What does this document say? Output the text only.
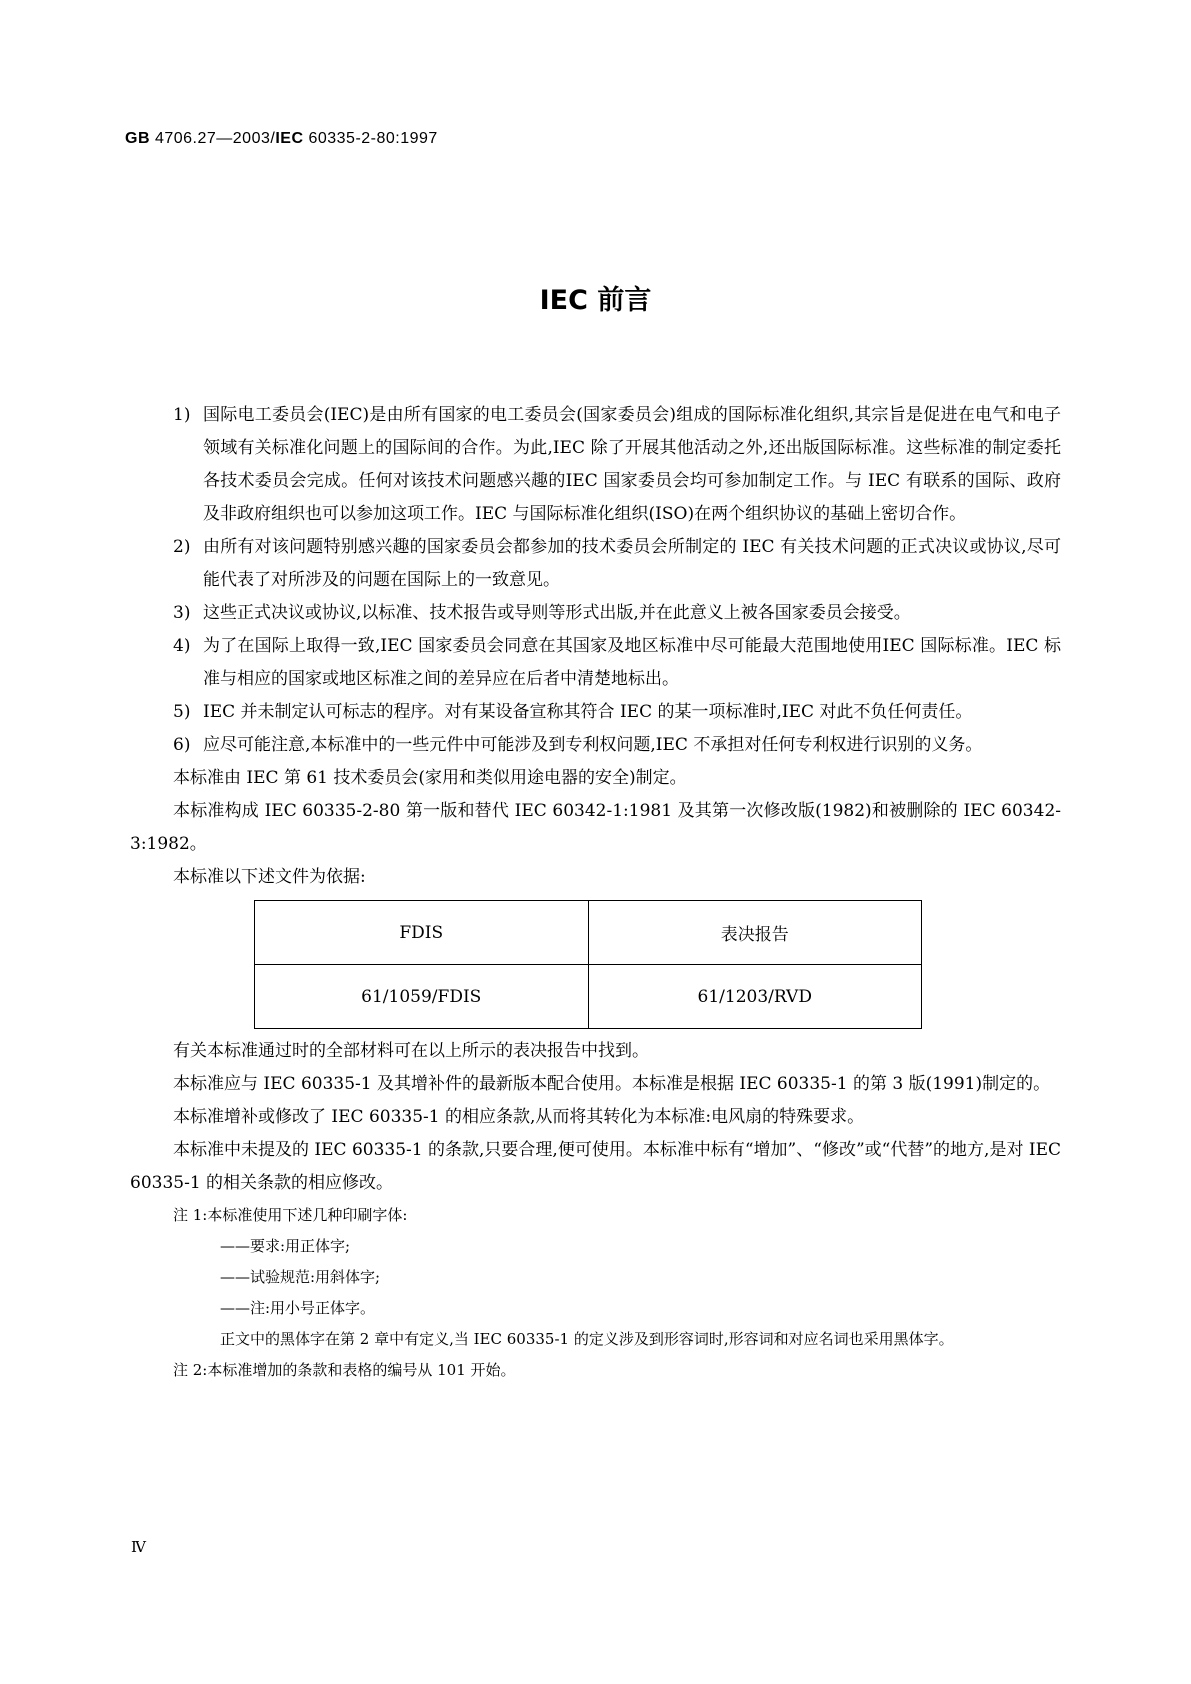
GB 4706.27—2003/IEC 60335-2-80:1997
IEC 前言
1) 国际电工委员会(IEC)是由所有国家的电工委员会(国家委员会)组成的国际标准化组织,其宗旨是促进在电气和电子领域有关标准化问题上的国际间的合作。为此,IEC 除了开展其他活动之外,还出版国际标准。这些标准的制定委托各技术委员会完成。任何对该技术问题感兴趣的IEC 国家委员会均可参加制定工作。与 IEC 有联系的国际、政府及非政府组织也可以参加这项工作。IEC 与国际标准化组织(ISO)在两个组织协议的基础上密切合作。
2) 由所有对该问题特别感兴趣的国家委员会都参加的技术委员会所制定的 IEC 有关技术问题的正式决议或协议,尽可能代表了对所涉及的问题在国际上的一致意见。
3) 这些正式决议或协议,以标准、技术报告或导则等形式出版,并在此意义上被各国家委员会接受。
4) 为了在国际上取得一致,IEC 国家委员会同意在其国家及地区标准中尽可能最大范围地使用IEC 国际标准。IEC 标准与相应的国家或地区标准之间的差异应在后者中清楚地标出。
5) IEC 并未制定认可标志的程序。对有某设备宣称其符合 IEC 的某一项标准时,IEC 对此不负任何责任。
6) 应尽可能注意,本标准中的一些元件中可能涉及到专利权问题,IEC 不承担对任何专利权进行识别的义务。
本标准由 IEC 第 61 技术委员会(家用和类似用途电器的安全)制定。
本标准构成 IEC 60335-2-80 第一版和替代 IEC 60342-1:1981 及其第一次修改版(1982)和被删除的 IEC 60342-3:1982。
本标准以下述文件为依据:
FDIS	表决报告
61/1059/FDIS	61/1203/RVD
有关本标准通过时的全部材料可在以上所示的表决报告中找到。
本标准应与 IEC 60335-1 及其增补件的最新版本配合使用。本标准是根据 IEC 60335-1 的第 3 版(1991)制定的。
本标准增补或修改了 IEC 60335-1 的相应条款,从而将其转化为本标准:电风扇的特殊要求。
本标准中未提及的 IEC 60335-1 的条款,只要合理,便可使用。本标准中标有“增加”、“修改”或“代替”的地方,是对 IEC 60335-1 的相关条款的相应修改。
注 1:本标准使用下述几种印刷字体:
——要求:用正体字;
——试验规范:用斜体字;
——注:用小号正体字。
正文中的黑体字在第 2 章中有定义,当 IEC 60335-1 的定义涉及到形容词时,形容词和对应名词也采用黑体字。
注 2:本标准增加的条款和表格的编号从 101 开始。
Ⅳ
